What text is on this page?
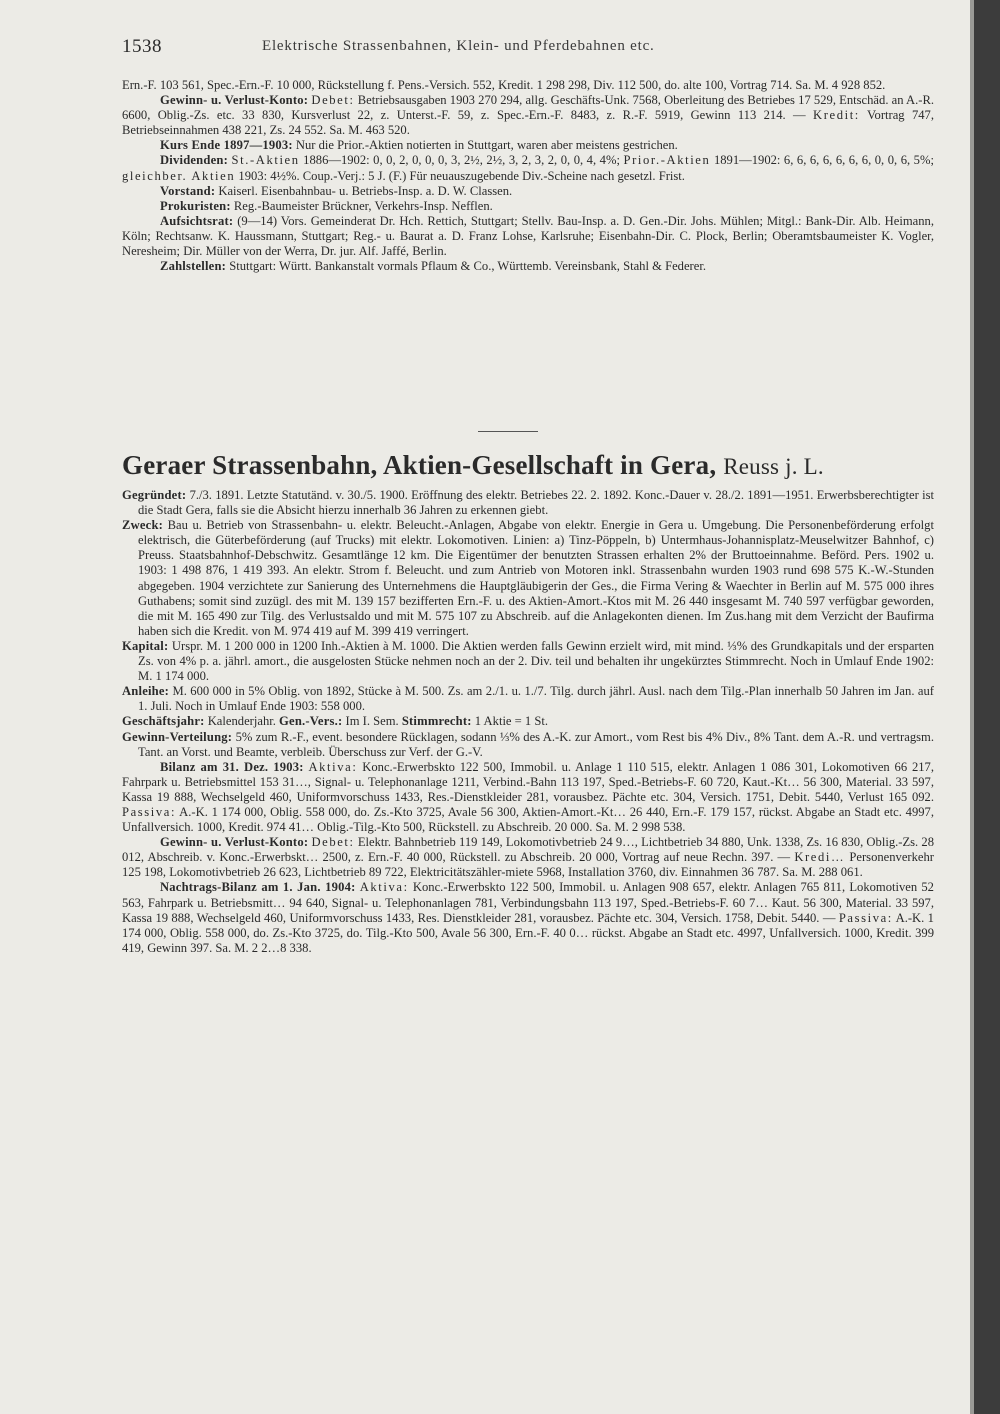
1538	Elektrische Strassenbahnen, Klein- und Pferdebahnen etc.

Ern.-F. 103 561, Spec.-Ern.-F. 10 000, Rückstellung f. Pens.-Versich. 552, Kredit. 1 298 298, Div. 112 500, do. alte 100, Vortrag 714. Sa. M. 4 928 852.

Gewinn- u. Verlust-Konto: Debet: Betriebsausgaben 1903 270 294, allg. Geschäfts-Unk. 7568, Oberleitung des Betriebes 17 529, Entschäd. an A.-R. 6600, Oblig.-Zs. etc. 33 830, Kursverlust 22, z. Unterst.-F. 59, z. Spec.-Ern.-F. 8483, z. R.-F. 5919, Gewinn 113 214. — Kredit: Vortrag 747, Betriebseinnahmen 438 221, Zs. 24 552. Sa. M. 463 520.

Kurs Ende 1897—1903: Nur die Prior.-Aktien notierten in Stuttgart, waren aber meistens gestrichen.

Dividenden: St.-Aktien 1886—1902: 0, 0, 2, 0, 0, 0, 3, 2½, 2½, 3, 2, 3, 2, 0, 0, 4, 4%; Prior.-Aktien 1891—1902: 6, 6, 6, 6, 6, 6, 6, 0, 0, 6, 5%; gleichber. Aktien 1903: 4½%. Coup.-Verj.: 5 J. (F.) Für neuauszugebende Div.-Scheine nach gesetzl. Frist.

Vorstand: Kaiserl. Eisenbahnbau- u. Betriebs-Insp. a. D. W. Classen.

Prokuristen: Reg.-Baumeister Brückner, Verkehrs-Insp. Nefflen.

Aufsichtsrat: (9—14) Vors. Gemeinderat Dr. Hch. Rettich, Stuttgart; Stellv. Bau-Insp. a. D. Gen.-Dir. Johs. Mühlen; Mitgl.: Bank-Dir. Alb. Heimann, Köln; Rechtsanw. K. Haussmann, Stuttgart; Reg.- u. Baurat a. D. Franz Lohse, Karlsruhe; Eisenbahn-Dir. C. Plock, Berlin; Oberamtsbaumeister K. Vogler, Neresheim; Dir. Müller von der Werra, Dr. jur. Alf. Jaffé, Berlin.

Zahlstellen: Stuttgart: Württ. Bankanstalt vormals Pflaum & Co., Württemb. Vereinsbank, Stahl & Federer.

Geraer Strassenbahn, Aktien-Gesellschaft in Gera, Reuss j. L.

Gegründet: 7./3. 1891. Letzte Statutänd. v. 30./5. 1900. Eröffnung des elektr. Betriebes 22. 2. 1892. Konc.-Dauer v. 28./2. 1891—1951. Erwerbsberechtigter ist die Stadt Gera, falls sie die Absicht hierzu innerhalb 36 Jahren zu erkennen giebt.

Zweck: Bau u. Betrieb von Strassenbahn- u. elektr. Beleucht.-Anlagen, Abgabe von elektr. Energie in Gera u. Umgebung. Die Personenbeförderung erfolgt elektrisch, die Güterbeförderung (auf Trucks) mit elektr. Lokomotiven. Linien: a) Tinz-Pöppeln, b) Untermhaus-Johannisplatz-Meuselwitzer Bahnhof, c) Preuss. Staatsbahnhof-Debschwitz. Gesamtlänge 12 km. Die Eigentümer der benutzten Strassen erhalten 2% der Bruttoeinnahme. Beförd. Pers. 1902 u. 1903: 1 498 876, 1 419 393. An elektr. Strom f. Beleucht. und zum Antrieb von Motoren inkl. Strassenbahn wurden 1903 rund 698 575 K.-W.-Stunden abgegeben. 1904 verzichtete zur Sanierung des Unternehmens die Hauptgläubigerin der Ges., die Firma Vering & Waechter in Berlin auf M. 575 000 ihres Guthabens; somit sind zuzügl. des mit M. 139 157 bezifferten Ern.-F. u. des Aktien-Amort.-Ktos mit M. 26 440 insgesamt M. 740 597 verfügbar geworden, die mit M. 165 490 zur Tilg. des Verlustsaldo und mit M. 575 107 zu Abschreib. auf die Anlagekonten dienen. Im Zus.hang mit dem Verzicht der Baufirma haben sich die Kredit. von M. 974 419 auf M. 399 419 verringert.

Kapital: Urspr. M. 1 200 000 in 1200 Inh.-Aktien à M. 1000. Die Aktien werden falls Gewinn erzielt wird, mit mind. ⅓% des Grundkapitals und der ersparten Zs. von 4% p. a. jährl. amort., die ausgelosten Stücke nehmen noch an der 2. Div. teil und behalten ihr ungekürztes Stimmrecht. Noch in Umlauf Ende 1902: M. 1 174 000.

Anleihe: M. 600 000 in 5% Oblig. von 1892, Stücke à M. 500. Zs. am 2./1. u. 1./7. Tilg. durch jährl. Ausl. nach dem Tilg.-Plan innerhalb 50 Jahren im Jan. auf 1. Juli. Noch in Umlauf Ende 1903: 558 000.

Geschäftsjahr: Kalenderjahr. Gen.-Vers.: Im I. Sem. Stimmrecht: 1 Aktie = 1 St.

Gewinn-Verteilung: 5% zum R.-F., event. besondere Rücklagen, sodann ⅓% des A.-K. zur Amort., vom Rest bis 4% Div., 8% Tant. dem A.-R. und vertragsm. Tant. an Vorst. und Beamte, verbleib. Überschuss zur Verf. der G.-V.

Bilanz am 31. Dez. 1903: Aktiva: Konc.-Erwerbskto 122 500, Immobil. u. Anlage 1 110 515, elektr. Anlagen 1 086 301, Lokomotiven 66 217, Fahrpark u. Betriebsmittel 153 31…, Signal- u. Telephonanlage 1211, Verbind.-Bahn 113 197, Sped.-Betriebs-F. 60 720, Kaut.-Kt… 56 300, Material. 33 597, Kassa 19 888, Wechselgeld 460, Uniformvorschuss 1433, Res.-Dienstkleider 281, vorausbez. Pächte etc. 304, Versich. 1751, Debit. 5440, Verlust 165 092. Passiva: A.-K. 1 174 000, Oblig. 558 000, do. Zs.-Kto 3725, Avale 56 300, Aktien-Amort.-Kt… 26 440, Ern.-F. 179 157, rückst. Abgabe an Stadt etc. 4997, Unfallversich. 1000, Kredit. 974 41… Oblig.-Tilg.-Kto 500, Rückstell. zu Abschreib. 20 000. Sa. M. 2 998 538.

Gewinn- u. Verlust-Konto: Debet: Elektr. Bahnbetrieb 119 149, Lokomotivbetrieb 24 9…, Lichtbetrieb 34 880, Unk. 1338, Zs. 16 830, Oblig.-Zs. 28 012, Abschreib. v. Konc.-Erwerbskt… 2500, z. Ern.-F. 40 000, Rückstell. zu Abschreib. 20 000, Vortrag auf neue Rechn. 397. — Kredi… Personenverkehr 125 198, Lokomotivbetrieb 26 623, Lichtbetrieb 89 722, Elektricitätszähler-miete 5968, Installation 3760, div. Einnahmen 36 787. Sa. M. 288 061.

Nachtrags-Bilanz am 1. Jan. 1904: Aktiva: Konc.-Erwerbskto 122 500, Immobil. u. Anlagen 908 657, elektr. Anlagen 765 811, Lokomotiven 52 563, Fahrpark u. Betriebsmitt… 94 640, Signal- u. Telephonanlagen 781, Verbindungsbahn 113 197, Sped.-Betriebs-F. 60 7… Kaut. 56 300, Material. 33 597, Kassa 19 888, Wechselgeld 460, Uniformvorschuss 1433, Res. Dienstkleider 281, vorausbez. Pächte etc. 304, Versich. 1758, Debit. 5440. — Passiva: A.-K. 1 174 000, Oblig. 558 000, do. Zs.-Kto 3725, do. Tilg.-Kto 500, Avale 56 300, Ern.-F. 40 0… rückst. Abgabe an Stadt etc. 4997, Unfallversich. 1000, Kredit. 399 419, Gewinn 397. Sa. M. 2 2…8 338.
